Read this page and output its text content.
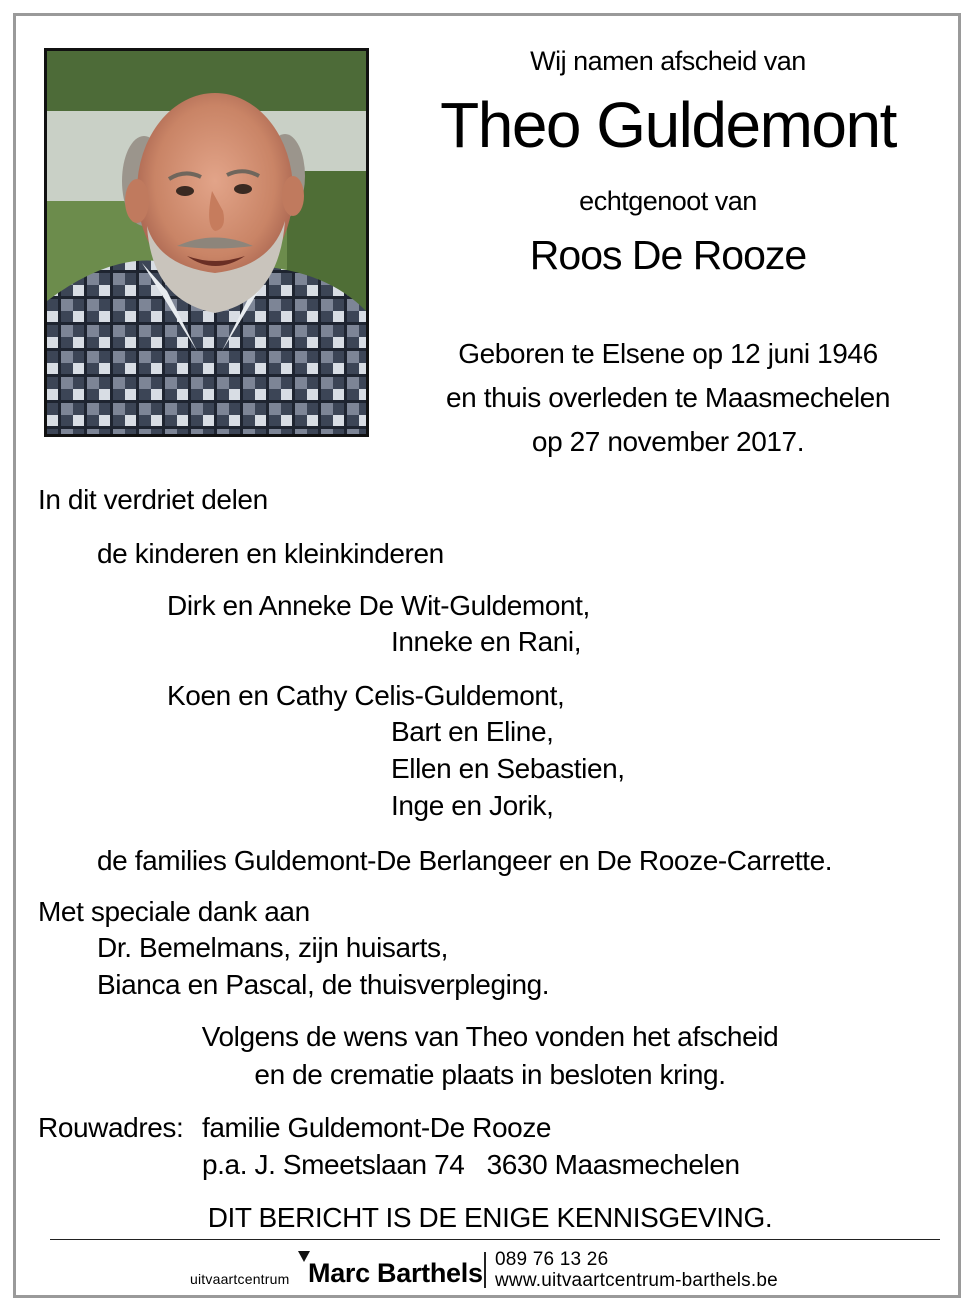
Wij namen afscheid van
Theo Guldemont
echtgenoot van
Roos De Rooze
Geboren te Elsene op 12 juni 1946
en thuis overleden te Maasmechelen
op 27 november 2017.
In dit verdriet delen
de kinderen en kleinkinderen
Dirk en Anneke De Wit-Guldemont,
Inneke en Rani,
Koen en Cathy Celis-Guldemont,
Bart en Eline,
Ellen en Sebastien,
Inge en Jorik,
de families Guldemont-De Berlangeer en De Rooze-Carrette.
Met speciale dank aan
Dr. Bemelmans, zijn huisarts,
Bianca en Pascal, de thuisverpleging.
Volgens de wens van Theo vonden het afscheid
en de crematie plaats in besloten kring.
Rouwadres: familie Guldemont-De Rooze
p.a. J. Smeetslaan 74   3630 Maasmechelen
DIT BERICHT IS DE ENIGE KENNISGEVING.
uitvaartcentrum Marc Barthels 089 76 13 26
www.uitvaartcentrum-barthels.be
